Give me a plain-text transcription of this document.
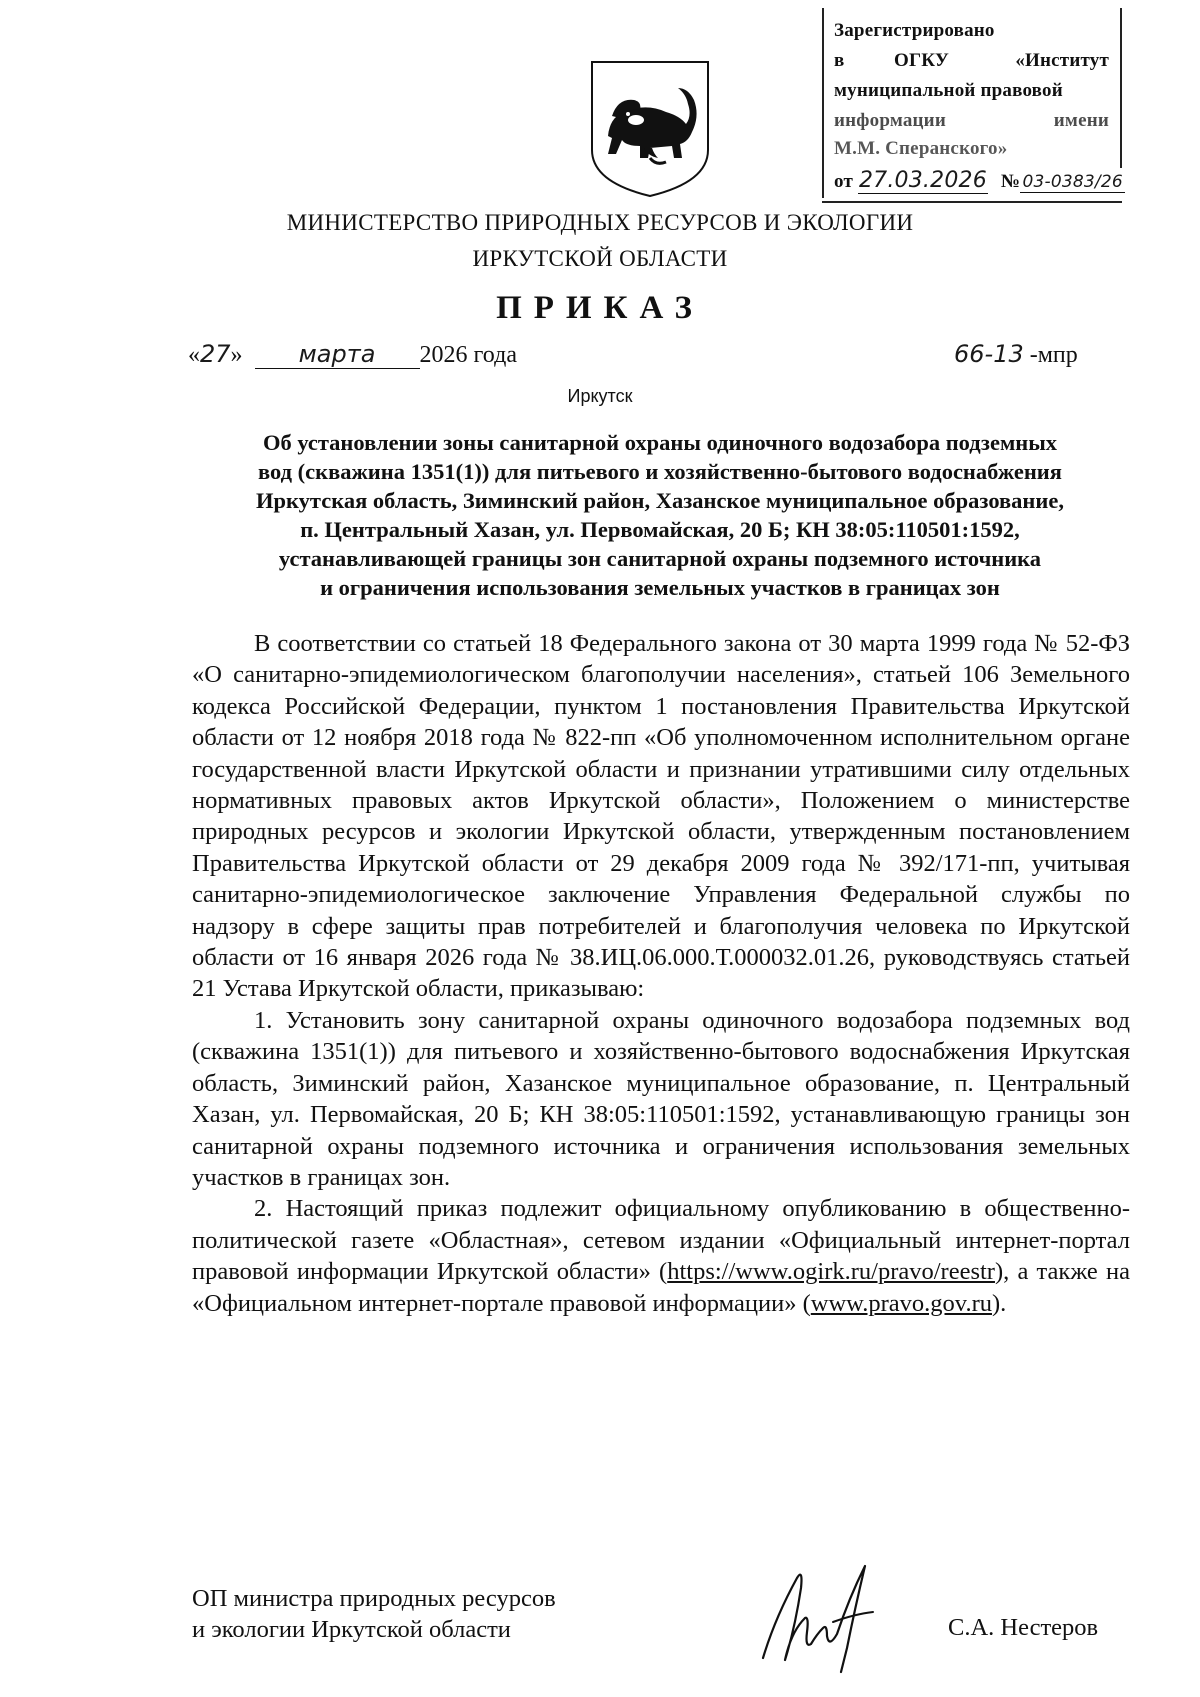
Зарегистрировано
в	ОГКУ	«Институт
муниципальной правовой
информации	имени
М.М. Сперанского»
от 27.03.2026 № 03-0383/26
МИНИСТЕРСТВО ПРИРОДНЫХ РЕСУРСОВ И ЭКОЛОГИИ
ИРКУТСКОЙ ОБЛАСТИ
ПРИКАЗ
«27» марта 2026 года	66-13 -мпр
Иркутск
Об установлении зоны санитарной охраны одиночного водозабора подземных
вод (скважина 1351(1)) для питьевого и хозяйственно-бытового водоснабжения
Иркутская область, Зиминский район, Хазанское муниципальное образование,
п. Центральный Хазан, ул. Первомайская, 20 Б; КН 38:05:110501:1592,
устанавливающей границы зон санитарной охраны подземного источника
и ограничения использования земельных участков в границах зон

В соответствии со статьей 18 Федерального закона от 30 марта 1999 года № 52-ФЗ «О санитарно-эпидемиологическом благополучии населения», статьей 106 Земельного кодекса Российской Федерации, пунктом 1 постановления Правительства Иркутской области от 12 ноября 2018 года № 822-пп «Об уполномоченном исполнительном органе государственной власти Иркутской области и признании утратившими силу отдельных нормативных правовых актов Иркутской области», Положением о министерстве природных ресурсов и экологии Иркутской области, утвержденным постановлением Правительства Иркутской области от 29 декабря 2009 года № 392/171-пп, учитывая санитарно-эпидемиологическое заключение Управления Федеральной службы по надзору в сфере защиты прав потребителей и благополучия человека по Иркутской области от 16 января 2026 года № 38.ИЦ.06.000.Т.000032.01.26, руководствуясь статьей 21 Устава Иркутской области, приказываю:

1. Установить зону санитарной охраны одиночного водозабора подземных вод (скважина 1351(1)) для питьевого и хозяйственно-бытового водоснабжения Иркутская область, Зиминский район, Хазанское муниципальное образование, п. Центральный Хазан, ул. Первомайская, 20 Б; КН 38:05:110501:1592, устанавливающую границы зон санитарной охраны подземного источника и ограничения использования земельных участков в границах зон.

2. Настоящий приказ подлежит официальному опубликованию в общественно-политической газете «Областная», сетевом издании «Официальный интернет-портал правовой информации Иркутской области» (https://www.ogirk.ru/pravo/reestr), а также на «Официальном интернет-портале правовой информации» (www.pravo.gov.ru).

ОП министра природных ресурсов
и экологии Иркутской области	С.А. Нестеров
